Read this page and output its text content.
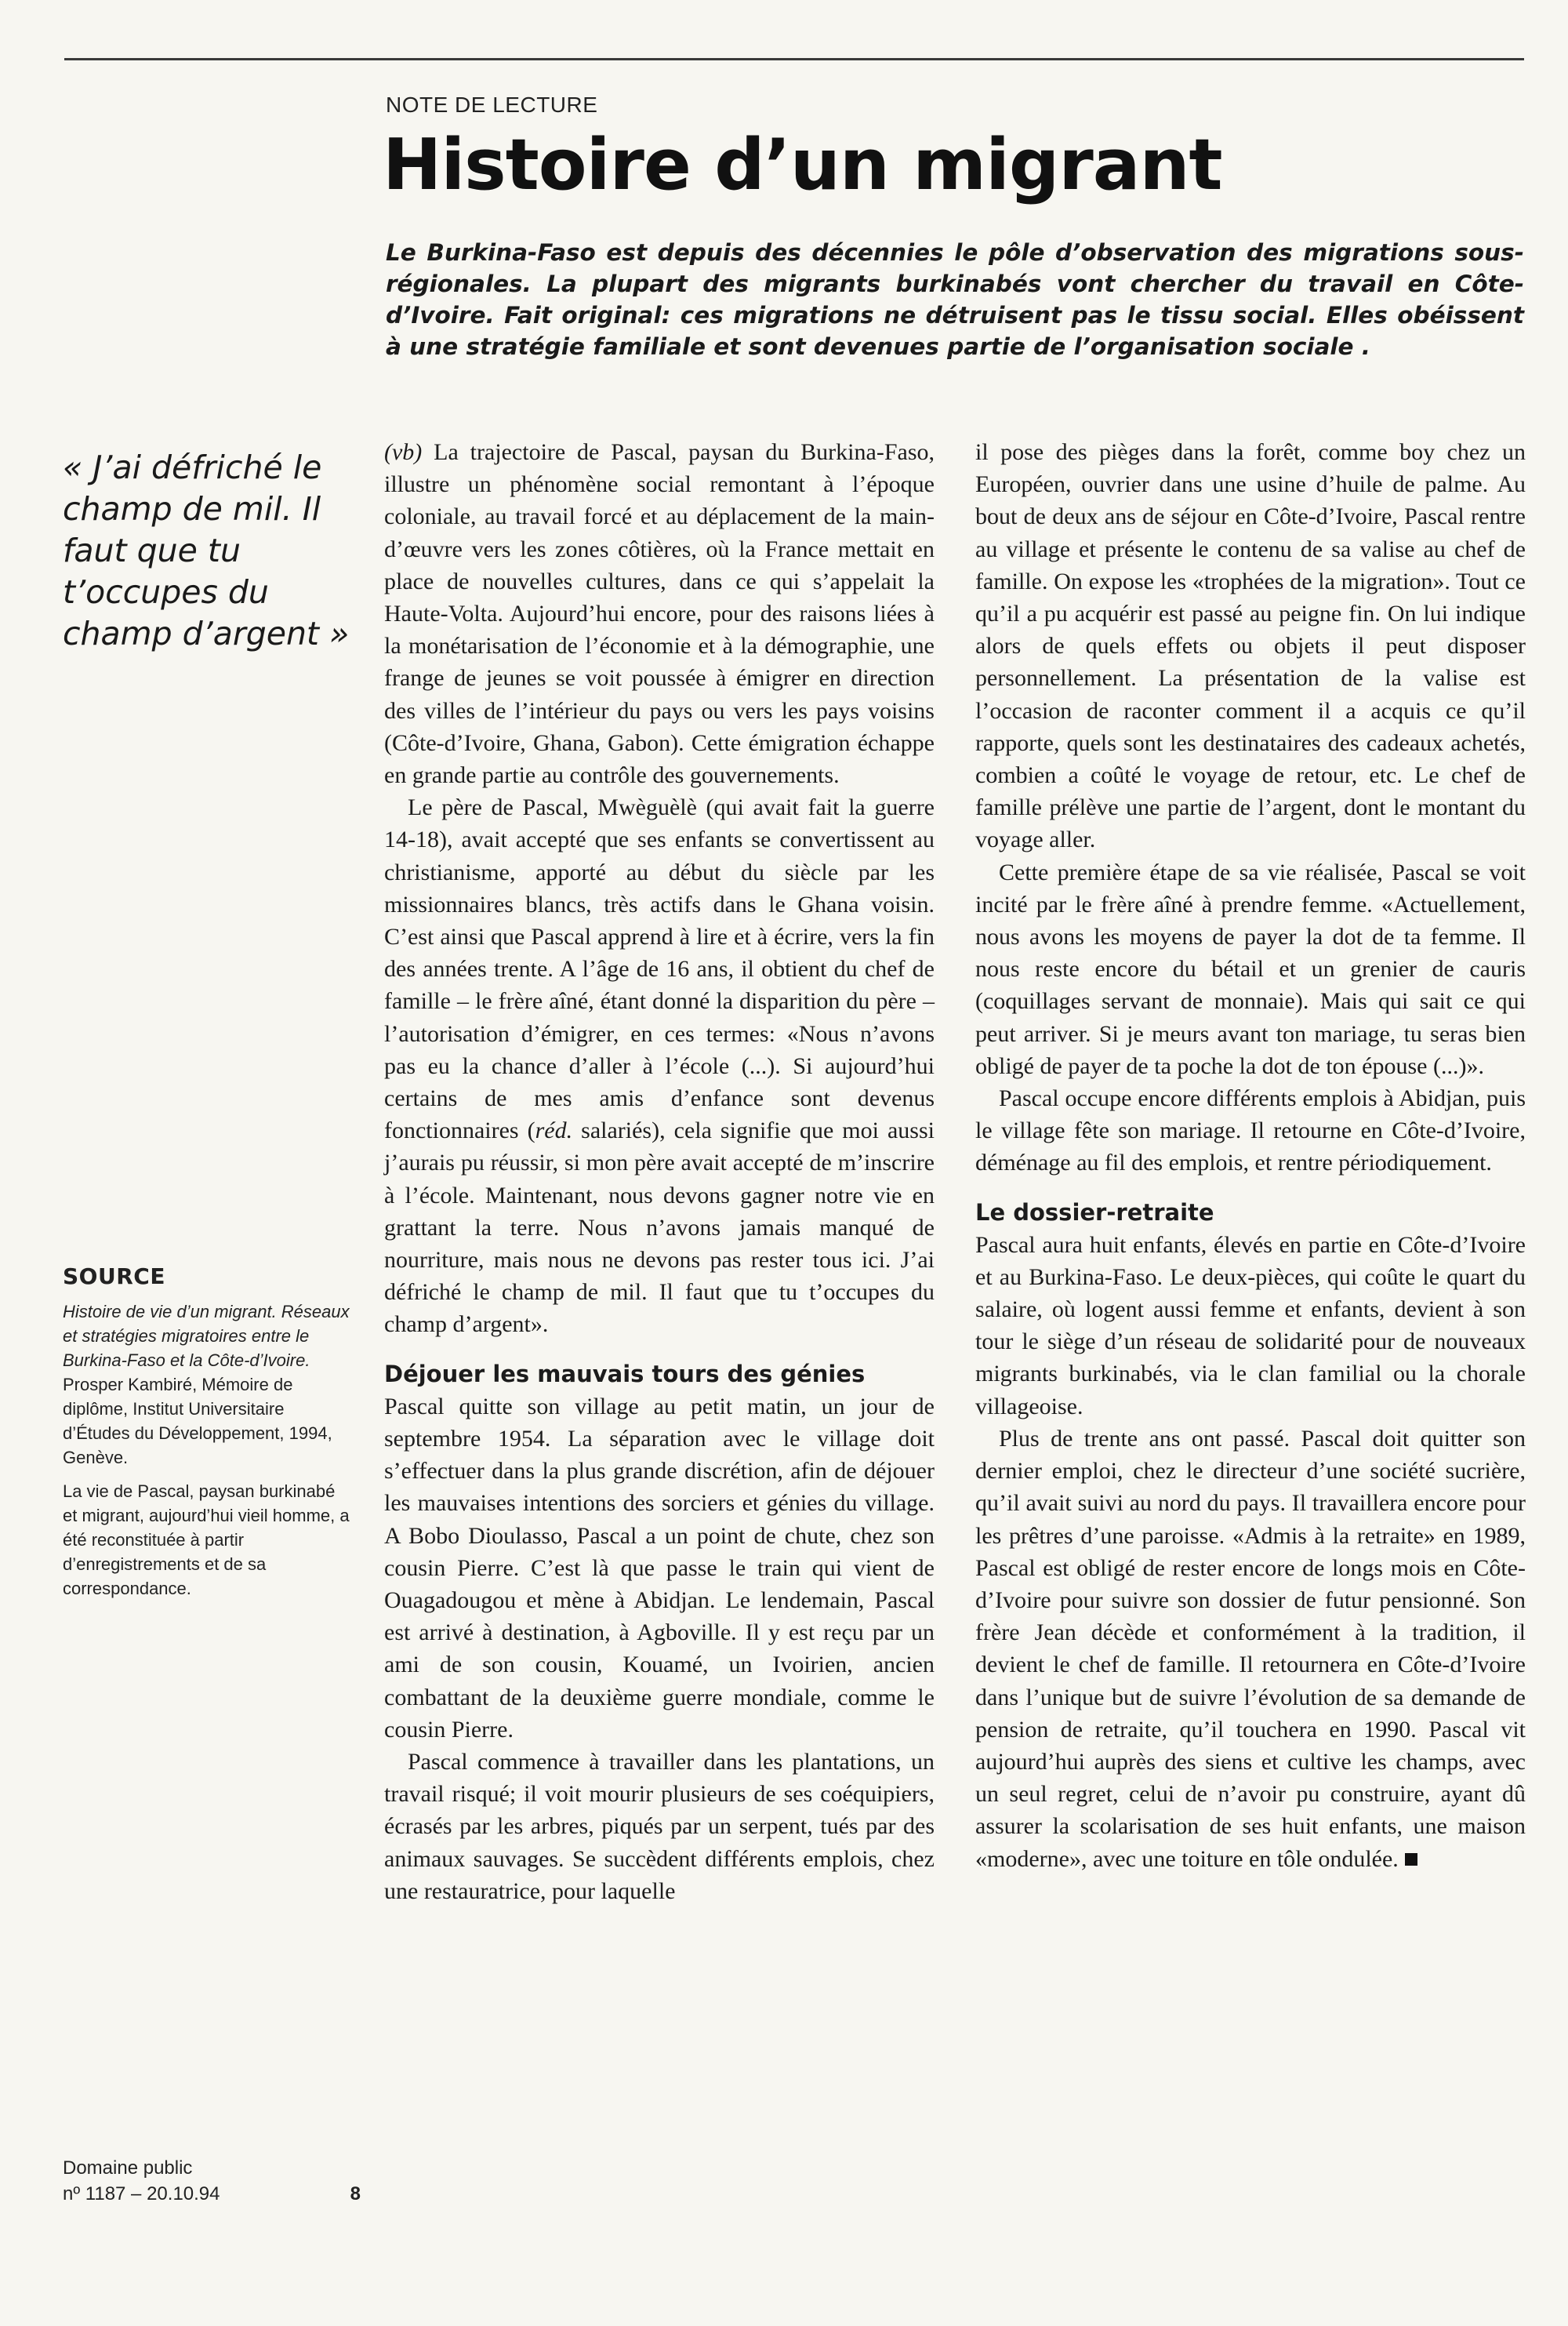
NOTE DE LECTURE
Histoire d’un migrant

Le Burkina-Faso est depuis des décennies le pôle d’observation des migrations sous-régionales. La plupart des migrants burkinabés vont chercher du travail en Côte-d’Ivoire. Fait original: ces migrations ne détruisent pas le tissu social. Elles obéissent à une stratégie familiale et sont devenues partie de l’organisation sociale .

« J’ai défriché le champ de mil. Il faut que tu t’occupes du champ d’argent »
SOURCE

Histoire de vie d’un migrant. Réseaux et stratégies migratoires entre le Burkina-Faso et la Côte-d’Ivoire. Prosper Kambiré, Mémoire de diplôme, Institut Universitaire d’Études du Développement, 1994, Genève.

La vie de Pascal, paysan burkinabé et migrant, aujourd’hui vieil homme, a été reconstituée à partir d’enregistrements et de sa correspondance.

Domaine public
nº 1187 – 20.10.94	8

(vb) La trajectoire de Pascal, paysan du Burkina-Faso, illustre un phénomène social remontant à l’époque coloniale, au travail forcé et au déplacement de la main-d’œuvre vers les zones côtières, où la France mettait en place de nouvelles cultures, dans ce qui s’appelait la Haute-Volta. Aujourd’hui encore, pour des raisons liées à la monétarisation de l’économie et à la démographie, une frange de jeunes se voit poussée à émigrer en direction des villes de l’intérieur du pays ou vers les pays voisins (Côte-d’Ivoire, Ghana, Gabon). Cette émigration échappe en grande partie au contrôle des gouvernements.

Le père de Pascal, Mwèguèlè (qui avait fait la guerre 14-18), avait accepté que ses enfants se convertissent au christianisme, apporté au début du siècle par les missionnaires blancs, très actifs dans le Ghana voisin. C’est ainsi que Pascal apprend à lire et à écrire, vers la fin des années trente. A l’âge de 16 ans, il obtient du chef de famille – le frère aîné, étant donné la disparition du père – l’autorisation d’émigrer, en ces termes: «Nous n’avons pas eu la chance d’aller à l’école (...). Si aujourd’hui certains de mes amis d’enfance sont devenus fonctionnaires (réd. salariés), cela signifie que moi aussi j’aurais pu réussir, si mon père avait accepté de m’inscrire à l’école. Maintenant, nous devons gagner notre vie en grattant la terre. Nous n’avons jamais manqué de nourriture, mais nous ne devons pas rester tous ici. J’ai défriché le champ de mil. Il faut que tu t’occupes du champ d’argent».

Déjouer les mauvais tours des génies

Pascal quitte son village au petit matin, un jour de septembre 1954. La séparation avec le village doit s’effectuer dans la plus grande discrétion, afin de déjouer les mauvaises intentions des sorciers et génies du village. A Bobo Dioulasso, Pascal a un point de chute, chez son cousin Pierre. C’est là que passe le train qui vient de Ouagadougou et mène à Abidjan. Le lendemain, Pascal est arrivé à destination, à Agboville. Il y est reçu par un ami de son cousin, Kouamé, un Ivoirien, ancien combattant de la deuxième guerre mondiale, comme le cousin Pierre.

Pascal commence à travailler dans les plantations, un travail risqué; il voit mourir plusieurs de ses coéquipiers, écrasés par les arbres, piqués par un serpent, tués par des animaux sauvages. Se succèdent différents emplois, chez une restauratrice, pour laquelle

il pose des pièges dans la forêt, comme boy chez un Européen, ouvrier dans une usine d’huile de palme. Au bout de deux ans de séjour en Côte-d’Ivoire, Pascal rentre au village et présente le contenu de sa valise au chef de famille. On expose les «trophées de la migration». Tout ce qu’il a pu acquérir est passé au peigne fin. On lui indique alors de quels effets ou objets il peut disposer personnellement. La présentation de la valise est l’occasion de raconter comment il a acquis ce qu’il rapporte, quels sont les destinataires des cadeaux achetés, combien a coûté le voyage de retour, etc. Le chef de famille prélève une partie de l’argent, dont le montant du voyage aller.

Cette première étape de sa vie réalisée, Pascal se voit incité par le frère aîné à prendre femme. «Actuellement, nous avons les moyens de payer la dot de ta femme. Il nous reste encore du bétail et un grenier de cauris (coquillages servant de monnaie). Mais qui sait ce qui peut arriver. Si je meurs avant ton mariage, tu seras bien obligé de payer de ta poche la dot de ton épouse (...)».

Pascal occupe encore différents emplois à Abidjan, puis le village fête son mariage. Il retourne en Côte-d’Ivoire, déménage au fil des emplois, et rentre périodiquement.

Le dossier-retraite

Pascal aura huit enfants, élevés en partie en Côte-d’Ivoire et au Burkina-Faso. Le deux-pièces, qui coûte le quart du salaire, où logent aussi femme et enfants, devient à son tour le siège d’un réseau de solidarité pour de nouveaux migrants burkinabés, via le clan familial ou la chorale villageoise.

Plus de trente ans ont passé. Pascal doit quitter son dernier emploi, chez le directeur d’une société sucrière, qu’il avait suivi au nord du pays. Il travaillera encore pour les prêtres d’une paroisse. «Admis à la retraite» en 1989, Pascal est obligé de rester encore de longs mois en Côte-d’Ivoire pour suivre son dossier de futur pensionné. Son frère Jean décède et conformément à la tradition, il devient le chef de famille. Il retournera en Côte-d’Ivoire dans l’unique but de suivre l’évolution de sa demande de pension de retraite, qu’il touchera en 1990. Pascal vit aujourd’hui auprès des siens et cultive les champs, avec un seul regret, celui de n’avoir pu construire, ayant dû assurer la scolarisation de ses huit enfants, une maison «moderne», avec une toiture en tôle ondulée.
